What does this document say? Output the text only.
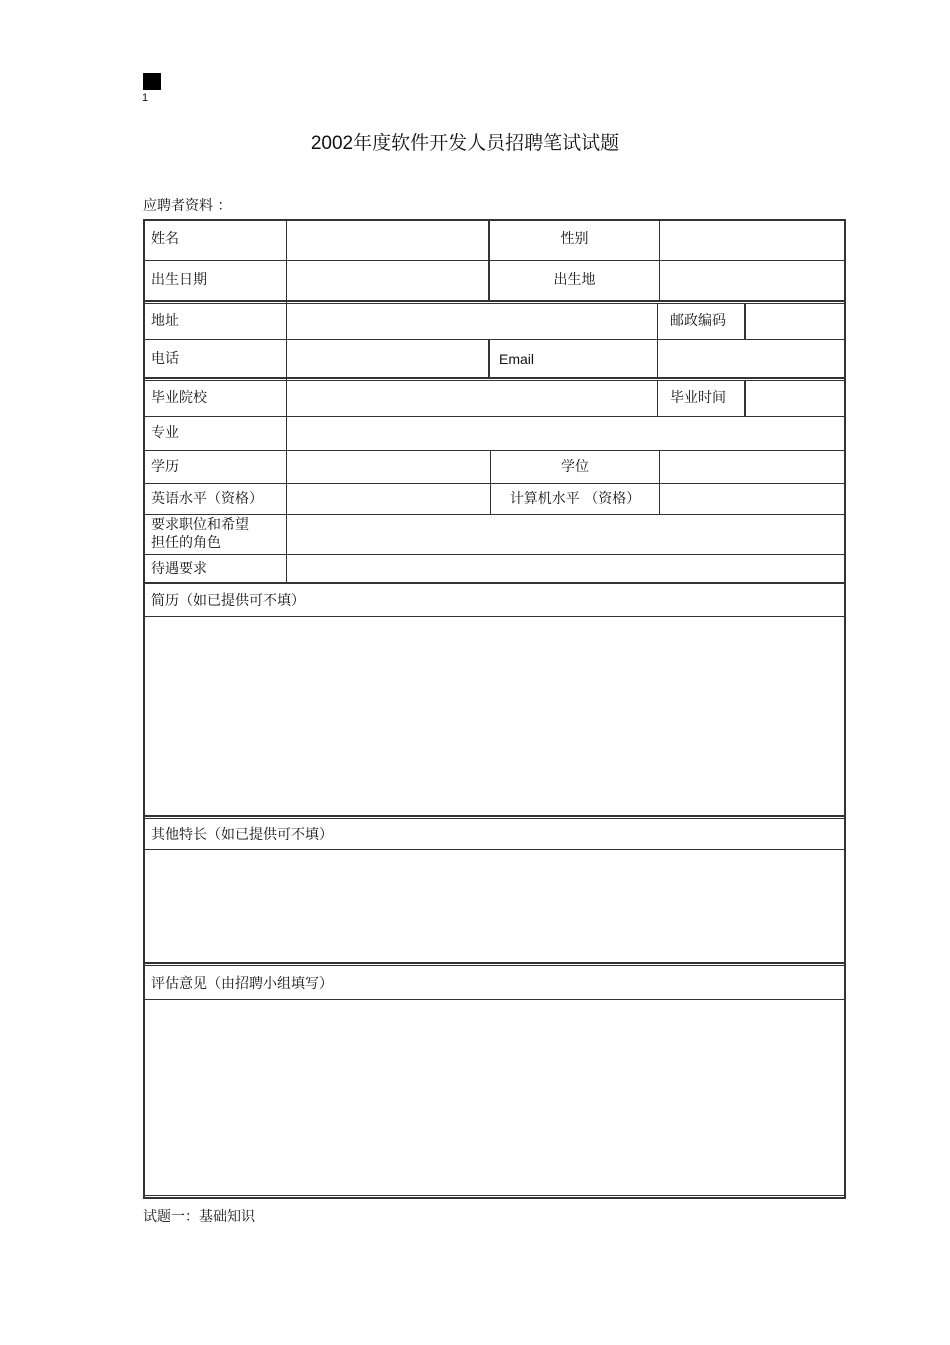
1
2002年度软件开发人员招聘笔试试题
应聘者资料 ：
姓名	性别
出生日期	出生地
地址	邮政编码
电话	Email
毕业院校	毕业时间
专业
学历	学位
英语水平（资格）	计算机水平 （资格）
要求职位和希望
担任的角色
待遇要求
简历（如已提供可不填）
其他特长（如已提供可不填）
评估意见（由招聘小组填写）
试题一：基础知识
